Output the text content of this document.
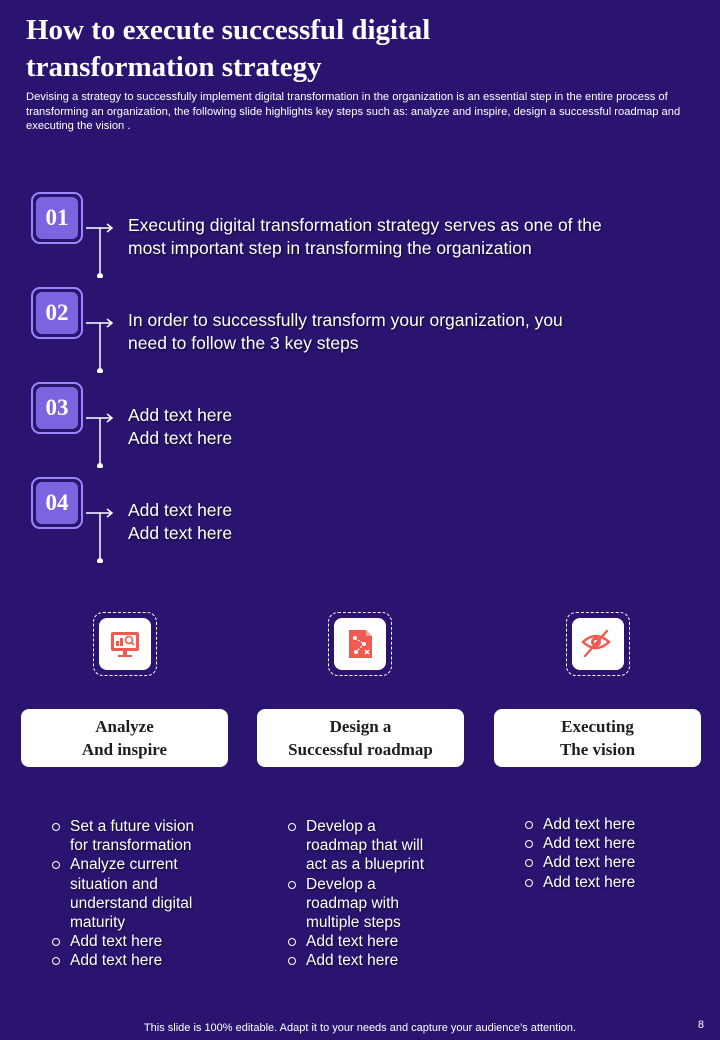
How to execute successful digital
transformation strategy
Devising a strategy to successfully implement digital transformation in the organization is an essential step in the entire process of transforming an organization, the following slide highlights key steps such as: analyze and inspire, design a successful roadmap and executing the vision .
01	Executing digital transformation strategy serves as one of the
most important step in transforming the organization
02	In order to successfully transform your organization, you
need to follow the 3 key steps
03	Add text here
Add text here
04	Add text here
Add text here
Analyze
And inspire
Design a
Successful roadmap
Executing
The vision
Set a future vision for transformation
Analyze current situation and understand digital maturity
Add text here
Add text here
Develop a roadmap that will act as a blueprint
Develop a roadmap with multiple steps
Add text here
Add text here
Add text here
Add text here
Add text here
Add text here
This slide is 100% editable. Adapt it to your needs and capture your audience’s attention.	8
